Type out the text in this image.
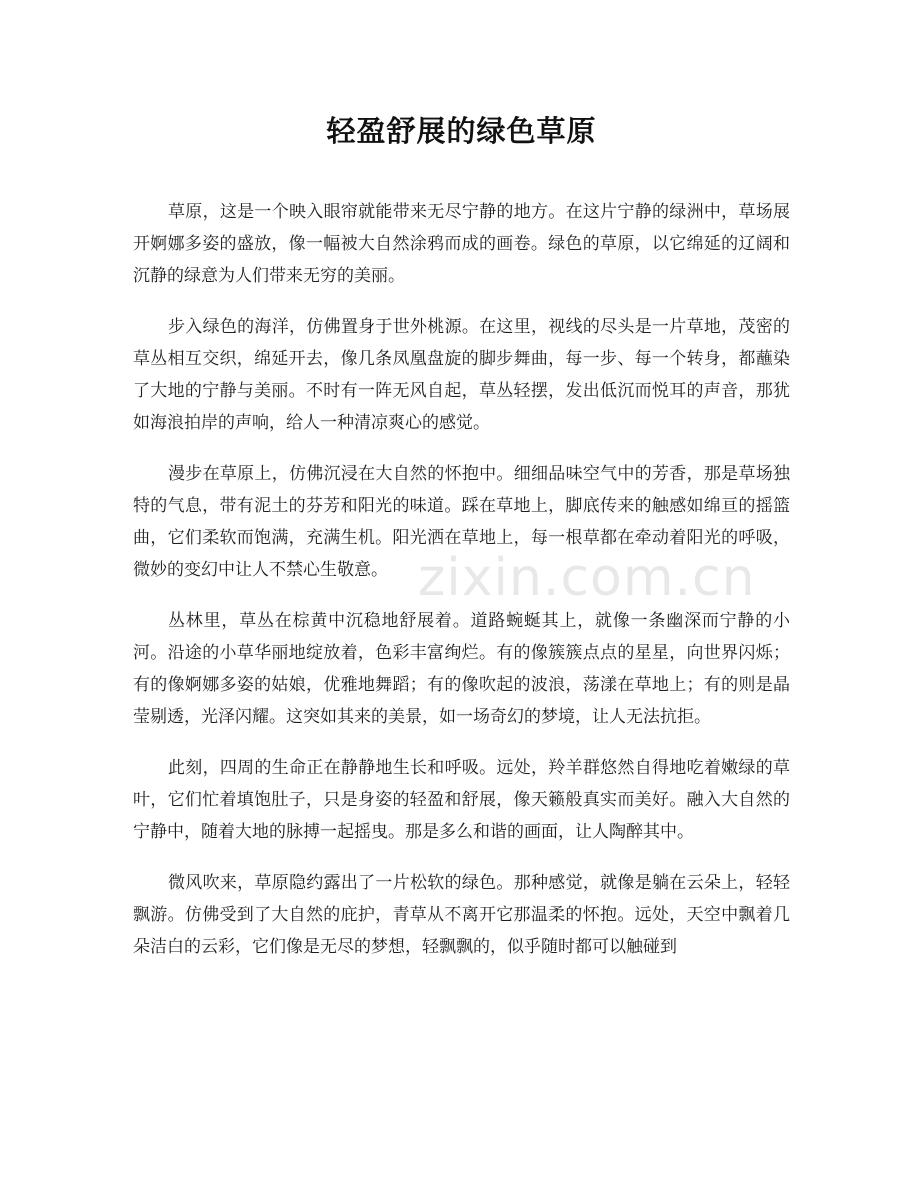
轻盈舒展的绿色草原

草原，这是一个映入眼帘就能带来无尽宁静的地方。在这片宁静的绿洲中，草场展开婀娜多姿的盛放，像一幅被大自然涂鸦而成的画卷。绿色的草原，以它绵延的辽阔和沉静的绿意为人们带来无穷的美丽。

步入绿色的海洋，仿佛置身于世外桃源。在这里，视线的尽头是一片草地，茂密的草丛相互交织，绵延开去，像几条凤凰盘旋的脚步舞曲，每一步、每一个转身，都蘸染了大地的宁静与美丽。不时有一阵无风自起，草丛轻摆，发出低沉而悦耳的声音，那犹如海浪拍岸的声响，给人一种清凉爽心的感觉。

漫步在草原上，仿佛沉浸在大自然的怀抱中。细细品味空气中的芳香，那是草场独特的气息，带有泥土的芬芳和阳光的味道。踩在草地上，脚底传来的触感如绵亘的摇篮曲，它们柔软而饱满，充满生机。阳光洒在草地上，每一根草都在牵动着阳光的呼吸，微妙的变幻中让人不禁心生敬意。

丛林里，草丛在棕黄中沉稳地舒展着。道路蜿蜒其上，就像一条幽深而宁静的小河。沿途的小草华丽地绽放着，色彩丰富绚烂。有的像簇簇点点的星星，向世界闪烁；有的像婀娜多姿的姑娘，优雅地舞蹈；有的像吹起的波浪，荡漾在草地上；有的则是晶莹剔透，光泽闪耀。这突如其来的美景，如一场奇幻的梦境，让人无法抗拒。

此刻，四周的生命正在静静地生长和呼吸。远处，羚羊群悠然自得地吃着嫩绿的草叶，它们忙着填饱肚子，只是身姿的轻盈和舒展，像天籁般真实而美好。融入大自然的宁静中，随着大地的脉搏一起摇曳。那是多么和谐的画面，让人陶醉其中。

微风吹来，草原隐约露出了一片松软的绿色。那种感觉，就像是躺在云朵上，轻轻飘游。仿佛受到了大自然的庇护，青草从不离开它那温柔的怀抱。远处，天空中飘着几朵洁白的云彩，它们像是无尽的梦想，轻飘飘的，似乎随时都可以触碰到

zixin.com.cn
